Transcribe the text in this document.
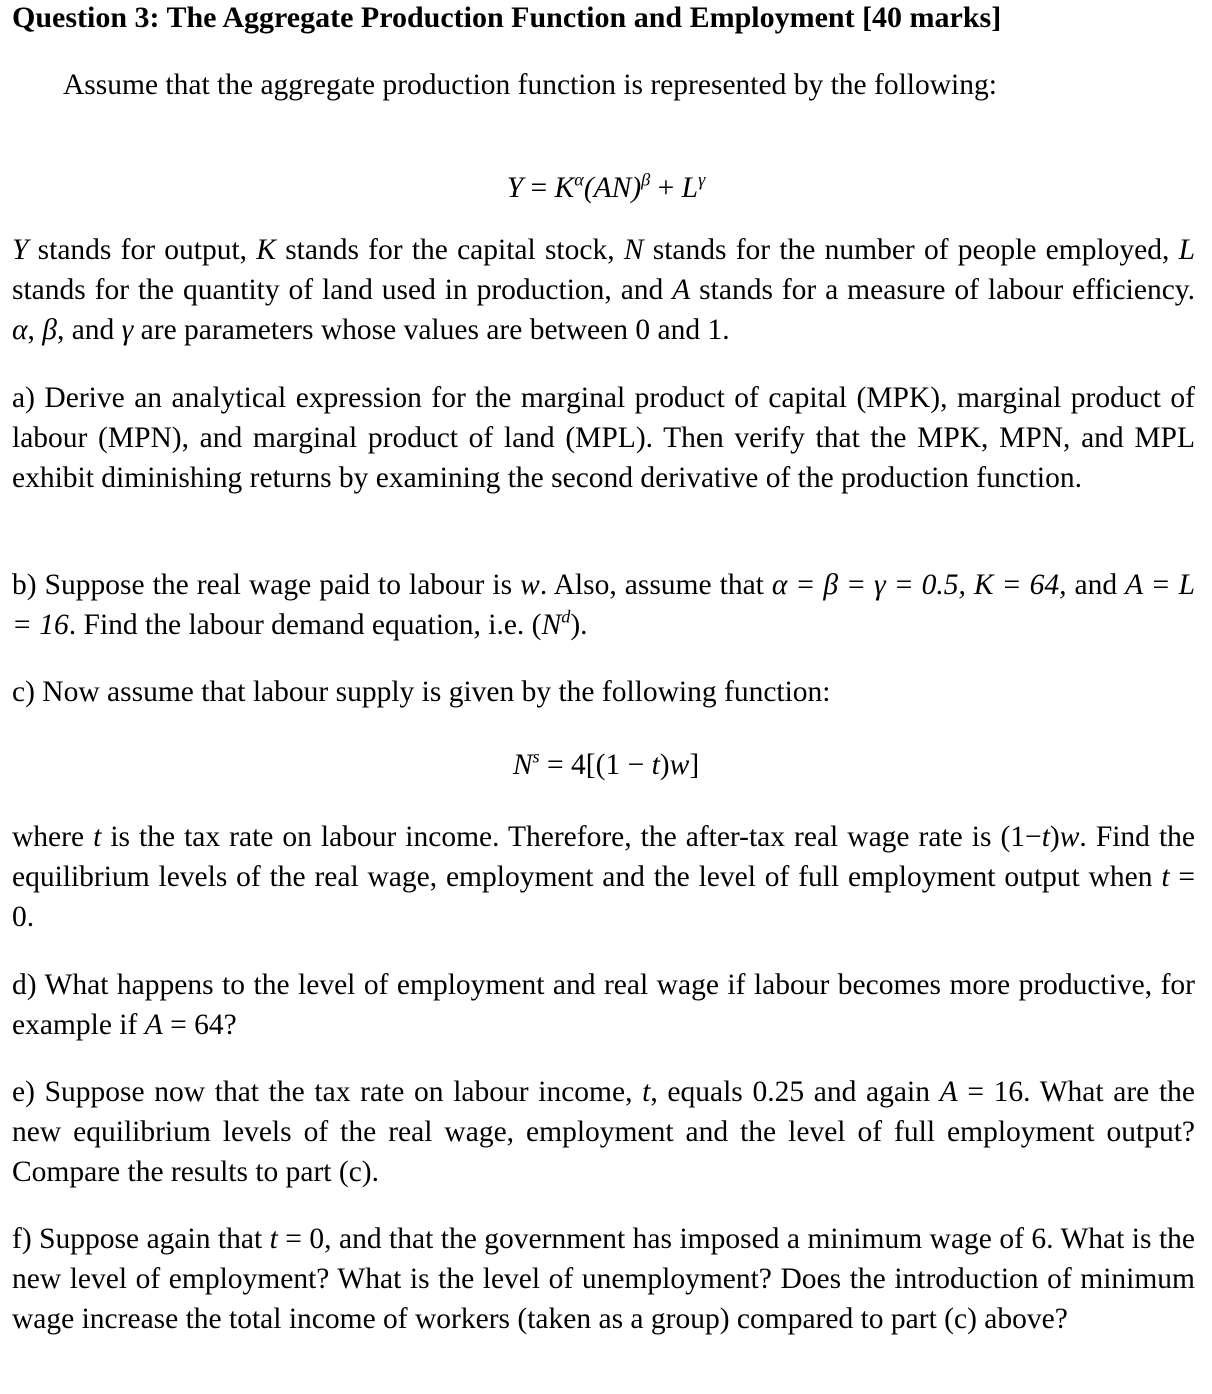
Question 3: The Aggregate Production Function and Employment [40 marks]
Assume that the aggregate production function is represented by the following:
$Y = K^\alpha(AN)^\beta + L^\gamma$
Y stands for output, K stands for the capital stock, N stands for the number of people employed, L stands for the quantity of land used in production, and A stands for a measure of labour efficiency. α, β, and γ are parameters whose values are between 0 and 1.
a) Derive an analytical expression for the marginal product of capital (MPK), marginal product of labour (MPN), and marginal product of land (MPL). Then verify that the MPK, MPN, and MPL exhibit diminishing returns by examining the second derivative of the production function.
b) Suppose the real wage paid to labour is w. Also, assume that α = β = γ = 0.5, K = 64, and A = L = 16. Find the labour demand equation, i.e. $(N^d)$.
c) Now assume that labour supply is given by the following function:
$N^s = 4[(1 - t)w]$
where t is the tax rate on labour income. Therefore, the after-tax real wage rate is (1−t)w. Find the equilibrium levels of the real wage, employment and the level of full employment output when t = 0.
d) What happens to the level of employment and real wage if labour becomes more productive, for example if A = 64?
e) Suppose now that the tax rate on labour income, t, equals 0.25 and again A = 16. What are the new equilibrium levels of the real wage, employment and the level of full employment output? Compare the results to part (c).
f) Suppose again that t = 0, and that the government has imposed a minimum wage of 6. What is the new level of employment? What is the level of unemployment? Does the introduction of minimum wage increase the total income of workers (taken as a group) compared to part (c) above?
